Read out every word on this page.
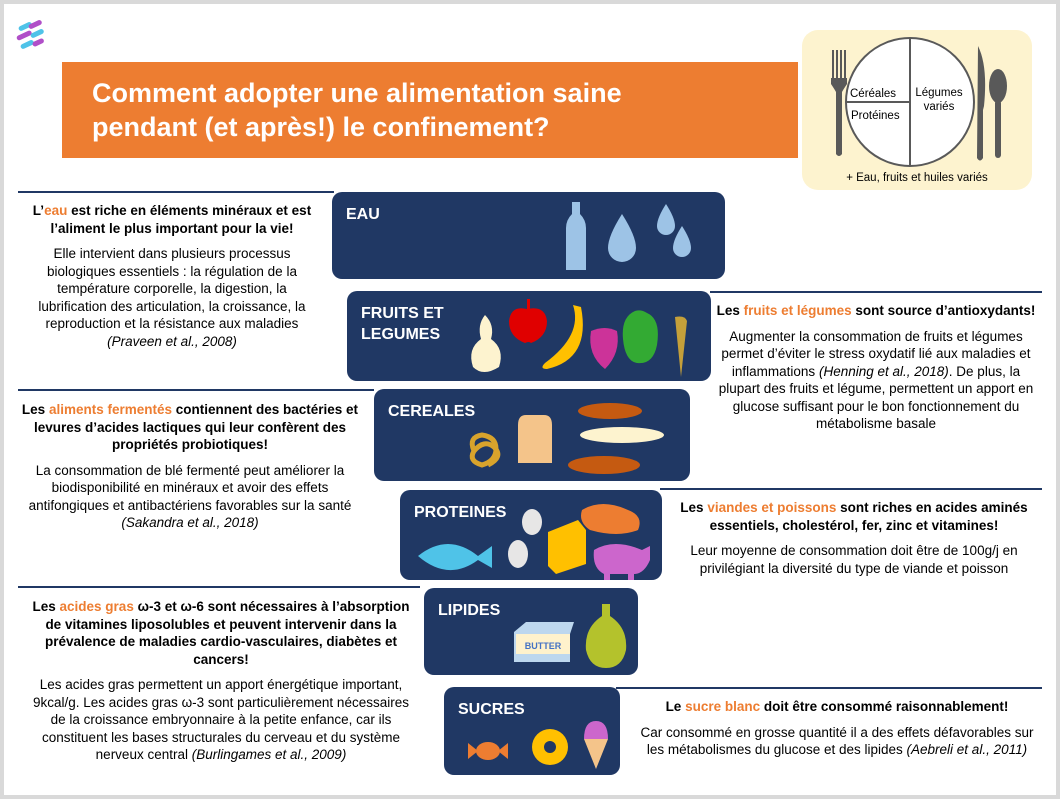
Comment adopter une alimentation saine
pendant (et après!) le confinement?
Céréales
Protéines
Légumes
variés
+ Eau, fruits et huiles variés
EAU
FRUITS ET
LEGUMES
CEREALES
PROTEINES
LIPIDES
BUTTER
SUCRES
L’eau est riche en éléments minéraux et est l’aliment le plus important pour la vie!
Elle intervient dans plusieurs processus biologiques essentiels : la régulation de la température corporelle, la digestion, la lubrification des articulation, la croissance, la reproduction et la résistance aux maladies (Praveen et al., 2008)
Les fruits et légumes sont source d’antioxydants!
Augmenter la consommation de fruits et légumes permet d’éviter le stress oxydatif lié aux maladies et inflammations (Henning et al., 2018). De plus, la plupart des fruits et légume, permettent un apport en glucose suffisant pour le bon fonctionnement du métabolisme basale
Les aliments fermentés contiennent des bactéries et levures d’acides lactiques qui leur confèrent des propriétés probiotiques!
La consommation de blé fermenté peut améliorer la biodisponibilité en minéraux et avoir des effets antifongiques et antibactériens favorables sur la santé (Sakandra et al., 2018)
Les viandes et poissons sont riches en acides aminés essentiels, cholestérol, fer, zinc et vitamines!
Leur moyenne de consommation doit être de 100g/j en privilégiant la diversité du type de viande et poisson
Les acides gras ω-3 et ω-6 sont nécessaires à l’absorption de vitamines liposolubles et peuvent intervenir dans la prévalence de maladies cardio-vasculaires, diabètes et cancers!
Les acides gras permettent un apport énergétique important, 9kcal/g. Les acides gras ω-3 sont particulièrement nécessaires de la croissance embryonnaire à la petite enfance, car ils constituent les bases structurales du cerveau et du système nerveux central (Burlingames et al., 2009)
Le sucre blanc doit être consommé raisonnablement!
Car consommé en grosse quantité il a des effets défavorables sur les métabolismes du glucose et des lipides (Aebreli et al., 2011)
